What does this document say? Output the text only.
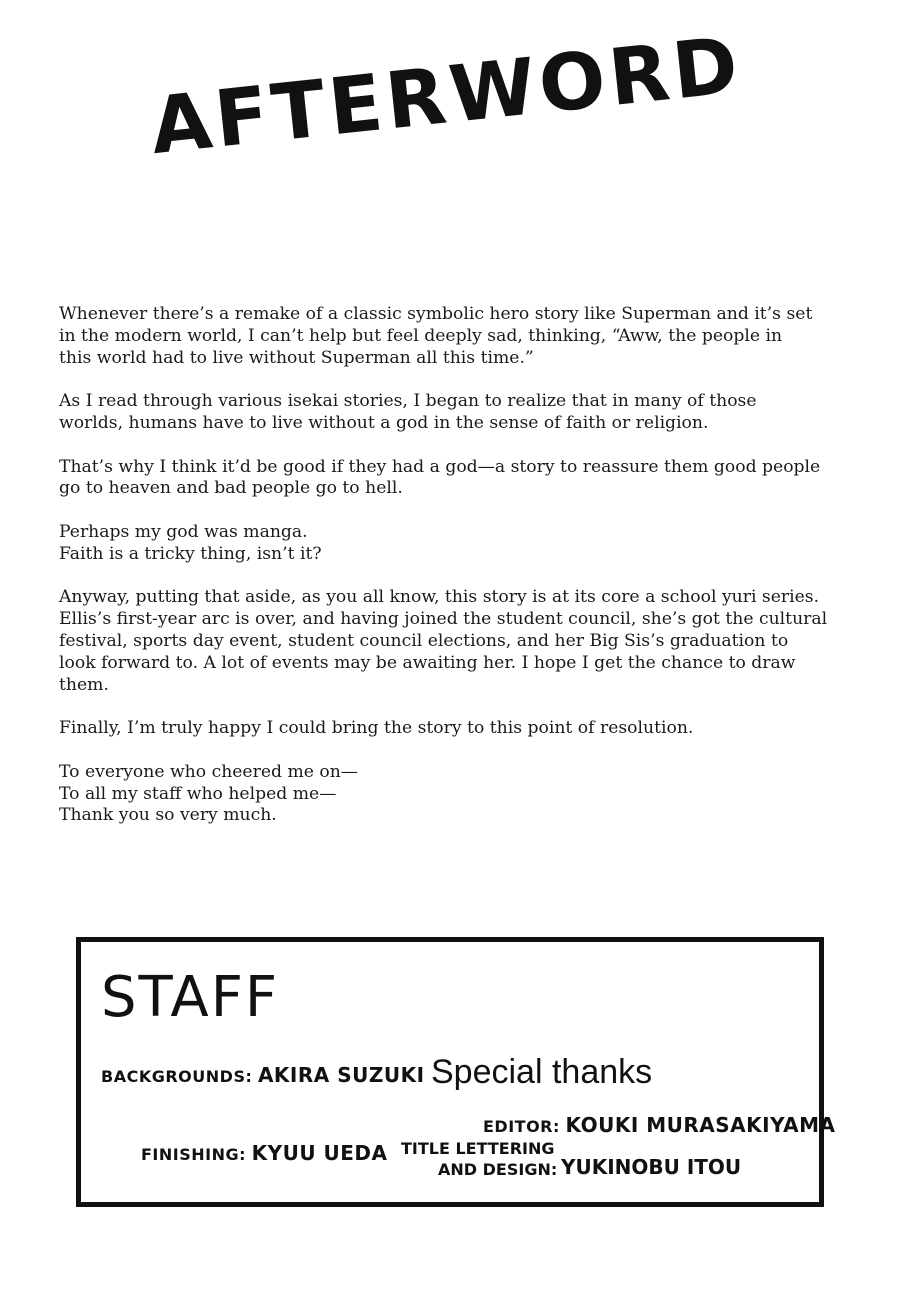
AFTERWORD

Whenever there’s a remake of a classic symbolic hero story like Superman and it’s set
in the modern world, I can’t help but feel deeply sad, thinking, “Aww, the people in
this world had to live without Superman all this time.”

As I read through various isekai stories, I began to realize that in many of those
worlds, humans have to live without a god in the sense of faith or religion.

That’s why I think it’d be good if they had a god—a story to reassure them good people
go to heaven and bad people go to hell.

Perhaps my god was manga.
Faith is a tricky thing, isn’t it?

Anyway, putting that aside, as you all know, this story is at its core a school yuri series.
Ellis’s first-year arc is over, and having joined the student council, she’s got the cultural
festival, sports day event, student council elections, and her Big Sis’s graduation to
look forward to. A lot of events may be awaiting her. I hope I get the chance to draw
them.

Finally, I’m truly happy I could bring the story to this point of resolution.

To everyone who cheered me on—
To all my staff who helped me—
Thank you so very much.

STAFF
BACKGROUNDS: AKIRA SUZUKI Special thanks
EDITOR: KOUKI MURASAKIYAMA
FINISHING: KYUU UEDA TITLE LETTERING
AND DESIGN: YUKINOBU ITOU
